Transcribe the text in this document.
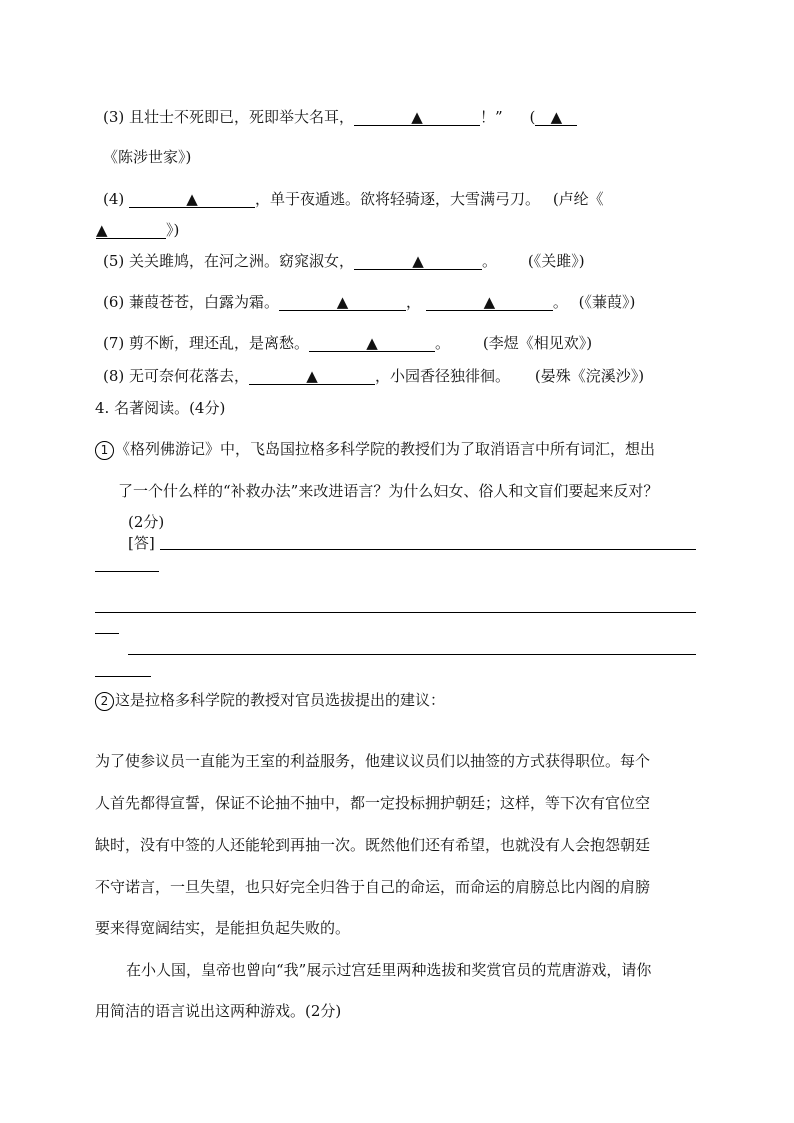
(3) 且壮士不死即已，死即举大名耳，	▲	！” ( ▲
《陈涉世家》)
(4)	▲	，单于夜遁逃。欲将轻骑逐，大雪满弓刀。 (卢纶《
▲	》)
(5) 关关雎鸠，在河之洲。窈窕淑女，	▲	。 (《关雎》)
(6) 蒹葭苍苍，白露为霜。	▲	，	▲	。 (《蒹葭》)
(7) 剪不断，理还乱，是离愁。	▲	。 (李煜《相见欢》)
(8) 无可奈何花落去，	▲	，小园香径独徘徊。 (晏殊《浣溪沙》)
4. 名著阅读。(4分)
1 《格列佛游记》中，飞岛国拉格多科学院的教授们为了取消语言中所有词汇，想出
了一个什么样的“补救办法”来改进语言？为什么妇女、俗人和文盲们要起来反对？
(2分)
[答]
2 这是拉格多科学院的教授对官员选拔提出的建议：
为了使参议员一直能为王室的利益服务，他建议议员们以抽签的方式获得职位。每个
人首先都得宣誓，保证不论抽不抽中，都一定投标拥护朝廷；这样，等下次有官位空
缺时，没有中签的人还能轮到再抽一次。既然他们还有希望，也就没有人会抱怨朝廷
不守诺言，一旦失望，也只好完全归咎于自己的命运，而命运的肩膀总比内阁的肩膀
要来得宽阔结实，是能担负起失败的。
在小人国，皇帝也曾向“我”展示过宫廷里两种选拔和奖赏官员的荒唐游戏，请你
用简洁的语言说出这两种游戏。(2分)
